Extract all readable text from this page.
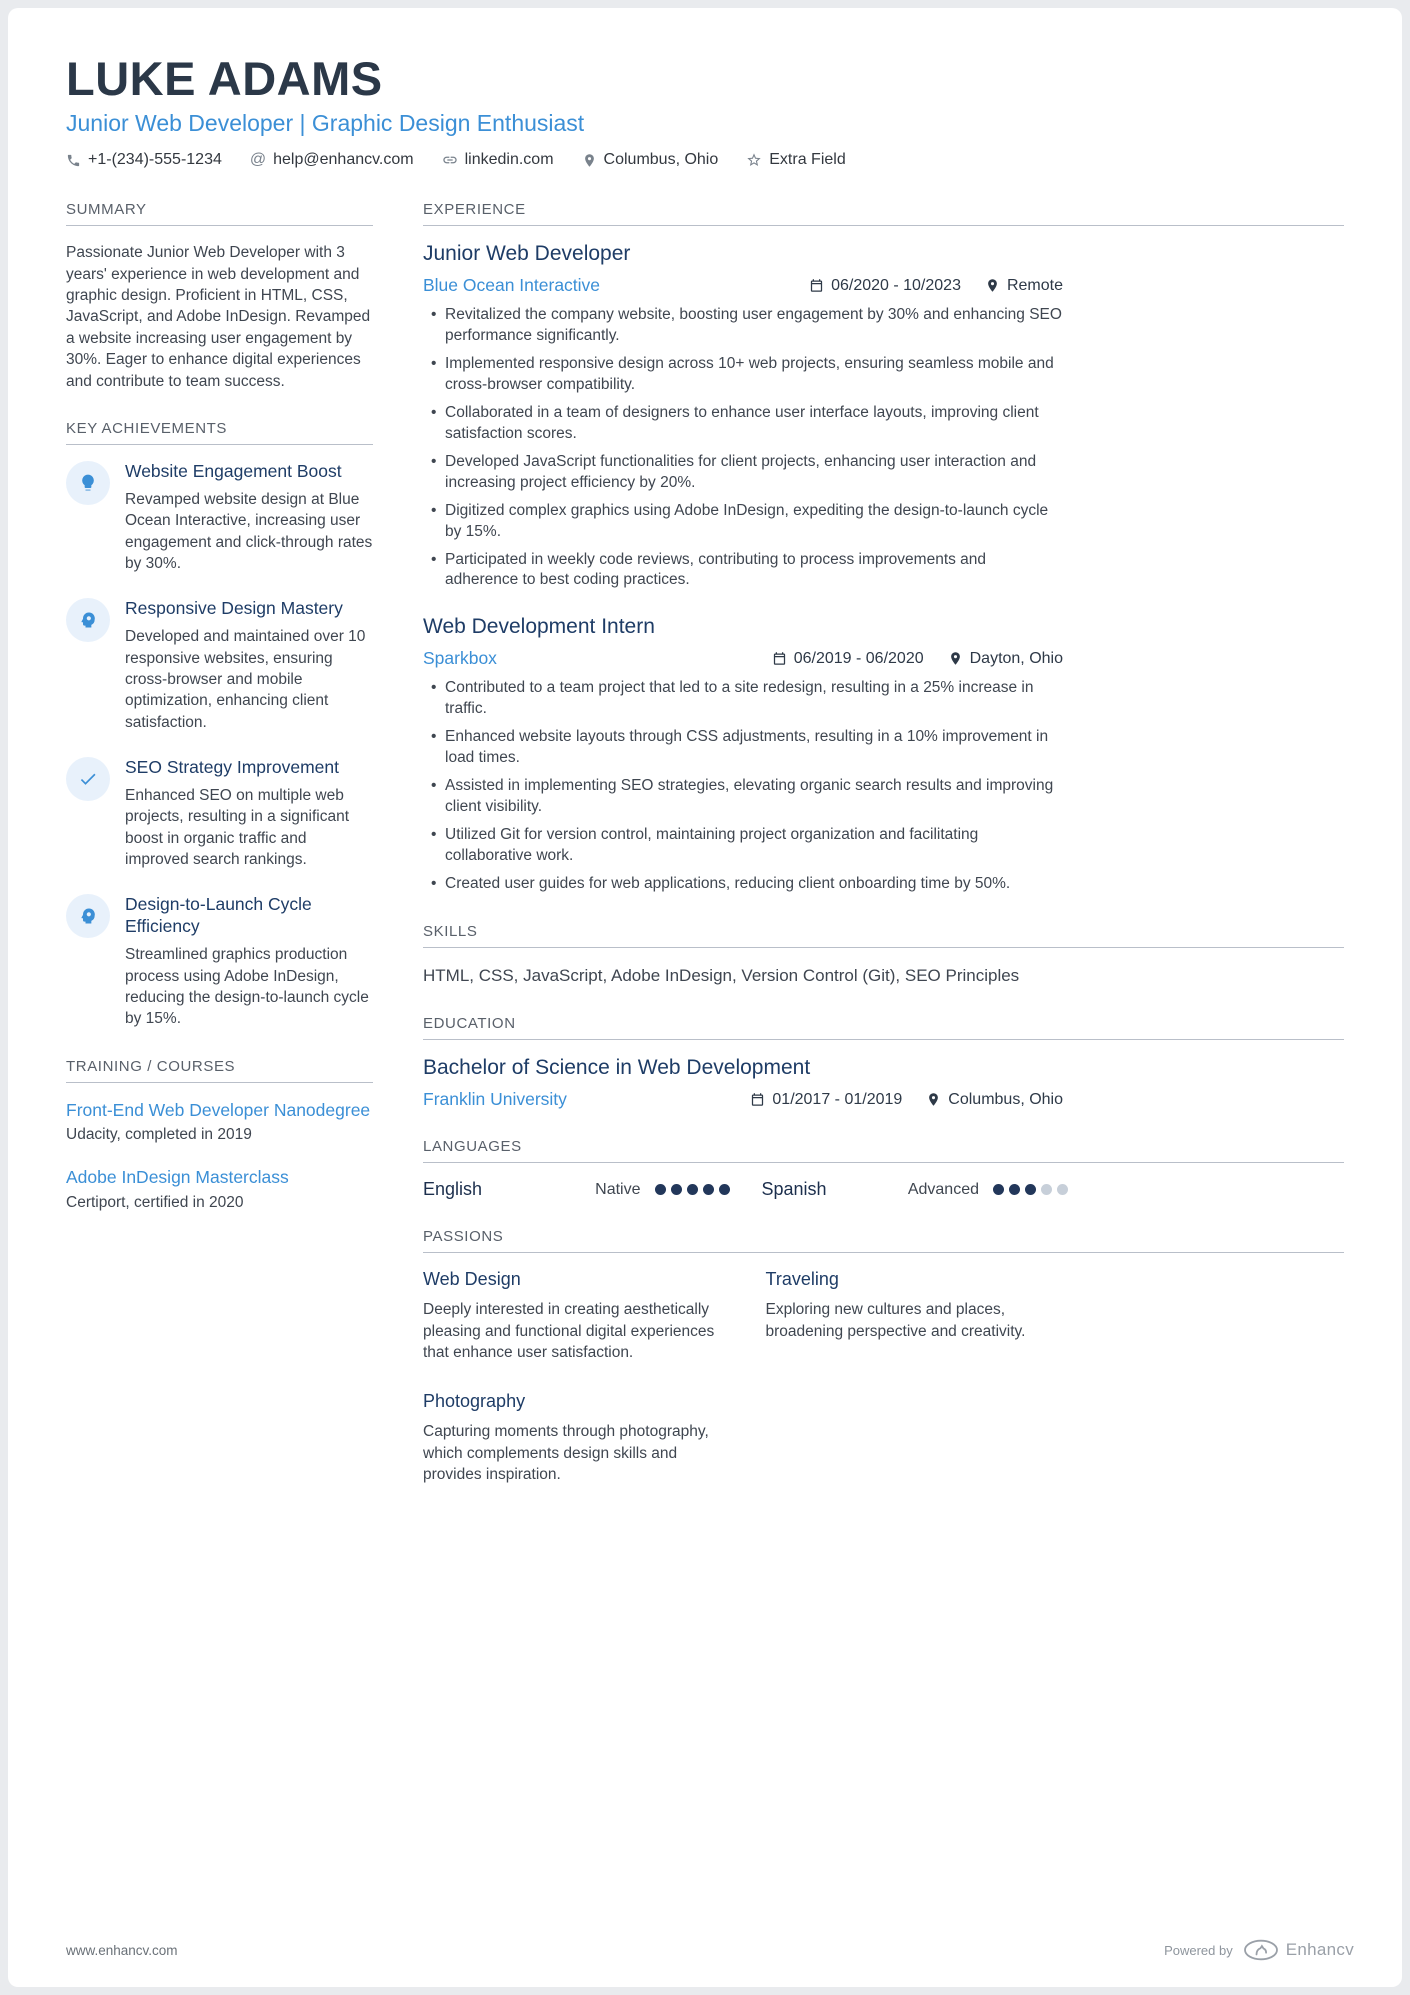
LUKE ADAMS
Junior Web Developer | Graphic Design Enthusiast
+1-(234)-555-1234 @ help@enhancv.com	linkedin.com	Columbus, Ohio	Extra Field
SUMMARY
Passionate Junior Web Developer with 3 years' experience in web development and graphic design. Proficient in HTML, CSS, JavaScript, and Adobe InDesign. Revamped a website increasing user engagement by 30%. Eager to enhance digital experiences and contribute to team success.
KEY ACHIEVEMENTS
Website Engagement Boost
Revamped website design at Blue Ocean Interactive, increasing user engagement and click-through rates by 30%.
Responsive Design Mastery
Developed and maintained over 10 responsive websites, ensuring cross-browser and mobile optimization, enhancing client satisfaction.
SEO Strategy Improvement
Enhanced SEO on multiple web projects, resulting in a significant boost in organic traffic and improved search rankings.
Design-to-Launch Cycle Efficiency
Streamlined graphics production process using Adobe InDesign, reducing the design-to-launch cycle by 15%.
TRAINING / COURSES
Front-End Web Developer Nanodegree
Udacity, completed in 2019
Adobe InDesign Masterclass
Certiport, certified in 2020
EXPERIENCE
Junior Web Developer
Blue Ocean Interactive	06/2020 - 10/2023	Remote
• Revitalized the company website, boosting user engagement by 30% and enhancing SEO performance significantly.
• Implemented responsive design across 10+ web projects, ensuring seamless mobile and cross-browser compatibility.
• Collaborated in a team of designers to enhance user interface layouts, improving client satisfaction scores.
• Developed JavaScript functionalities for client projects, enhancing user interaction and increasing project efficiency by 20%.
• Digitized complex graphics using Adobe InDesign, expediting the design-to-launch cycle by 15%.
• Participated in weekly code reviews, contributing to process improvements and adherence to best coding practices.
Web Development Intern
Sparkbox	06/2019 - 06/2020	Dayton, Ohio
• Contributed to a team project that led to a site redesign, resulting in a 25% increase in traffic.
• Enhanced website layouts through CSS adjustments, resulting in a 10% improvement in load times.
• Assisted in implementing SEO strategies, elevating organic search results and improving client visibility.
• Utilized Git for version control, maintaining project organization and facilitating collaborative work.
• Created user guides for web applications, reducing client onboarding time by 50%.
SKILLS
HTML, CSS, JavaScript, Adobe InDesign, Version Control (Git), SEO Principles
EDUCATION
Bachelor of Science in Web Development
Franklin University	01/2017 - 01/2019	Columbus, Ohio
LANGUAGES
English	Native	Spanish	Advanced
PASSIONS
Web Design
Deeply interested in creating aesthetically pleasing and functional digital experiences that enhance user satisfaction.
Traveling
Exploring new cultures and places, broadening perspective and creativity.
Photography
Capturing moments through photography, which complements design skills and provides inspiration.
www.enhancv.com	Powered by	Enhancv
